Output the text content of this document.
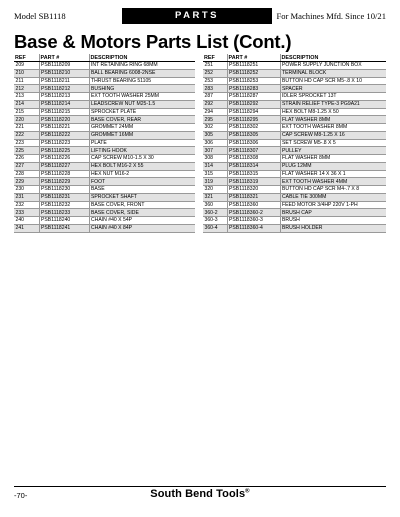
Model SB1118	PARTS	For Machines Mfd. Since 10/21
Base & Motors Parts List (Cont.)
REF	PART #	DESCRIPTION
209	PSB1118209	INT RETAINING RING 68MM
210	PSB1118210	BALL BEARING 6008-2NSE
211	PSB1118211	THRUST BEARING 51105
212	PSB1118212	BUSHING
213	PSB1118213	EXT TOOTH WASHER 25MM
214	PSB1118214	LEADSCREW NUT M25-1.5
215	PSB1118215	SPROCKET PLATE
220	PSB1118220	BASE COVER, REAR
221	PSB1118221	GROMMET 24MM
222	PSB1118222	GROMMET 16MM
223	PSB1118223	PLATE
225	PSB1118225	LIFTING HOOK
226	PSB1118226	CAP SCREW M10-1.5 X 30
227	PSB1118227	HEX BOLT M16-2 X 55
228	PSB1118228	HEX NUT M16-2
229	PSB1118229	FOOT
230	PSB1118230	BASE
231	PSB1118231	SPROCKET SHAFT
232	PSB1118232	BASE COVER, FRONT
233	PSB1118233	BASE COVER, SIDE
240	PSB1118240	CHAIN #40 X 54P
241	PSB1118241	CHAIN #40 X 84P
REF	PART #	DESCRIPTION
251	PSB1118251	POWER SUPPLY JUNCTION BOX
252	PSB1118252	TERMINAL BLOCK
253	PSB1118253	BUTTON HD CAP SCR M5-.8 X 10
283	PSB1118283	SPACER
287	PSB1118287	IDLER SPROCKET 13T
292	PSB1118292	STRAIN RELIEF TYPE-3 PG9A21
294	PSB1118294	HEX BOLT M8-1.25 X 50
295	PSB1118295	FLAT WASHER 8MM
302	PSB1118302	EXT TOOTH WASHER 8MM
305	PSB1118305	CAP SCREW M8-1.25 X 16
306	PSB1118306	SET SCREW M5-.8 X 5
307	PSB1118307	PULLEY
308	PSB1118308	FLAT WASHER 8MM
314	PSB1118314	PLUG 12MM
315	PSB1118315	FLAT WASHER 14 X 36 X 1
319	PSB1118319	EXT TOOTH WASHER 4MM
320	PSB1118320	BUTTON HD CAP SCR M4-.7 X 8
321	PSB1118321	CABLE TIE 300MM
360	PSB1118360	FEED MOTOR 3/4HP 220V 1-PH
360-2	PSB1118360-2	BRUSH CAP
360-3	PSB1118360-3	BRUSH
360-4	PSB1118360-4	BRUSH HOLDER
-70-	South Bend Tools®
